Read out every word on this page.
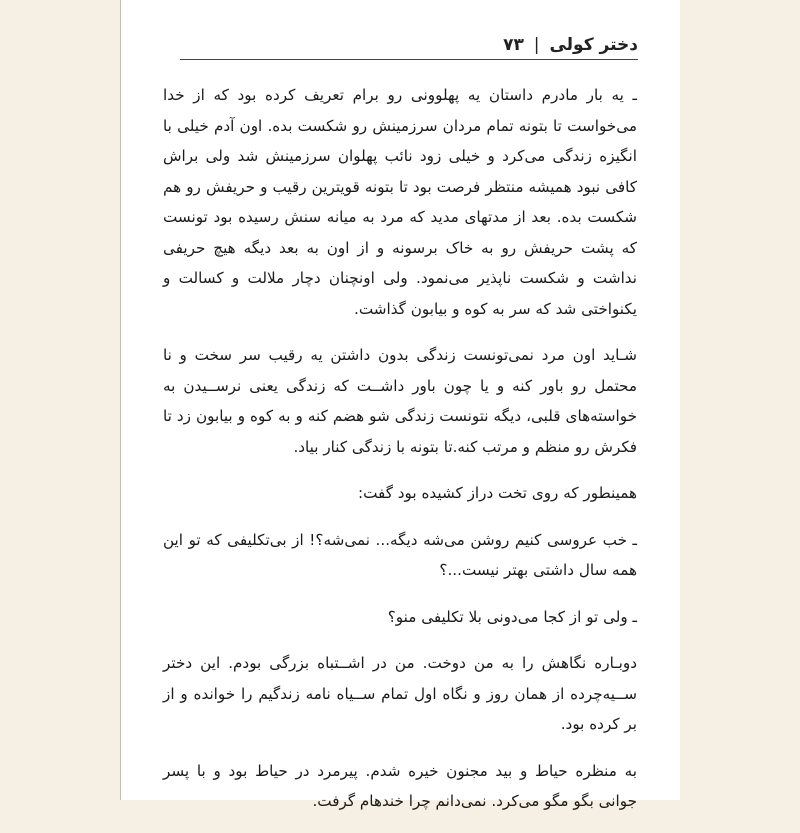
دختر کولی | ۷۳

ـ یه بار مادرم داستان یه پهلوونی رو برام تعریف کرده بود که از خدا می‌خواست تا بتونه تمام مردان سرزمینش رو شکست بده. اون آدم خیلی با انگیزه زندگی می‌کرد و خیلی زود نائب پهلوان سرزمینش شد ولی براش کافی نبود همیشه منتظر فرصت بود تا بتونه قویترین رقیب و حریفش رو هم شکست بده. بعد از مدتهای مدید که مرد به میانه سنش رسیده بود تونست که پشت حریفش رو به خاک برسونه و از اون به بعد دیگه هیچ حریفی نداشت و شکست ناپذیر می‌نمود. ولی اونچنان دچار ملالت و کسالت و یکنواختی شد که سر به کوه و بیابون گذاشت.

شـاید اون مرد نمی‌تونست زندگی بدون داشتن یه رقیب سر سخت و نا محتمل رو باور کنه و یا چون باور داشــت که زندگی یعنی نرســیدن به خواسته‌های قلبی، دیگه نتونست زندگی شو هضم کنه و به کوه و بیابون زد تا فکرش رو منظم و مرتب کنه.تا بتونه با زندگی کنار بیاد.

همینطور که روی تخت دراز کشیده بود گفت:

ـ خب عروسی کنیم روشن می‌شه دیگه... نمی‌شه؟! از بی‌تکلیفی که تو این همه سال داشتی بهتر نیست...؟

ـ ولی تو از کجا می‌دونی بلا تکلیفی منو؟

دوبـاره نگاهش را به من دوخت. من در اشــتباه بزرگی بودم. این دختر ســیه‌چرده از همان روز و نگاه اول تمام ســیاه نامه زندگیم را خوانده و از بر کرده بود.

به منظره حیاط و بید مجنون خیره شدم. پیرمرد در حیاط بود و با پسر جوانی بگو مگو می‌کرد. نمی‌دانم چرا خندهام گرفت.
